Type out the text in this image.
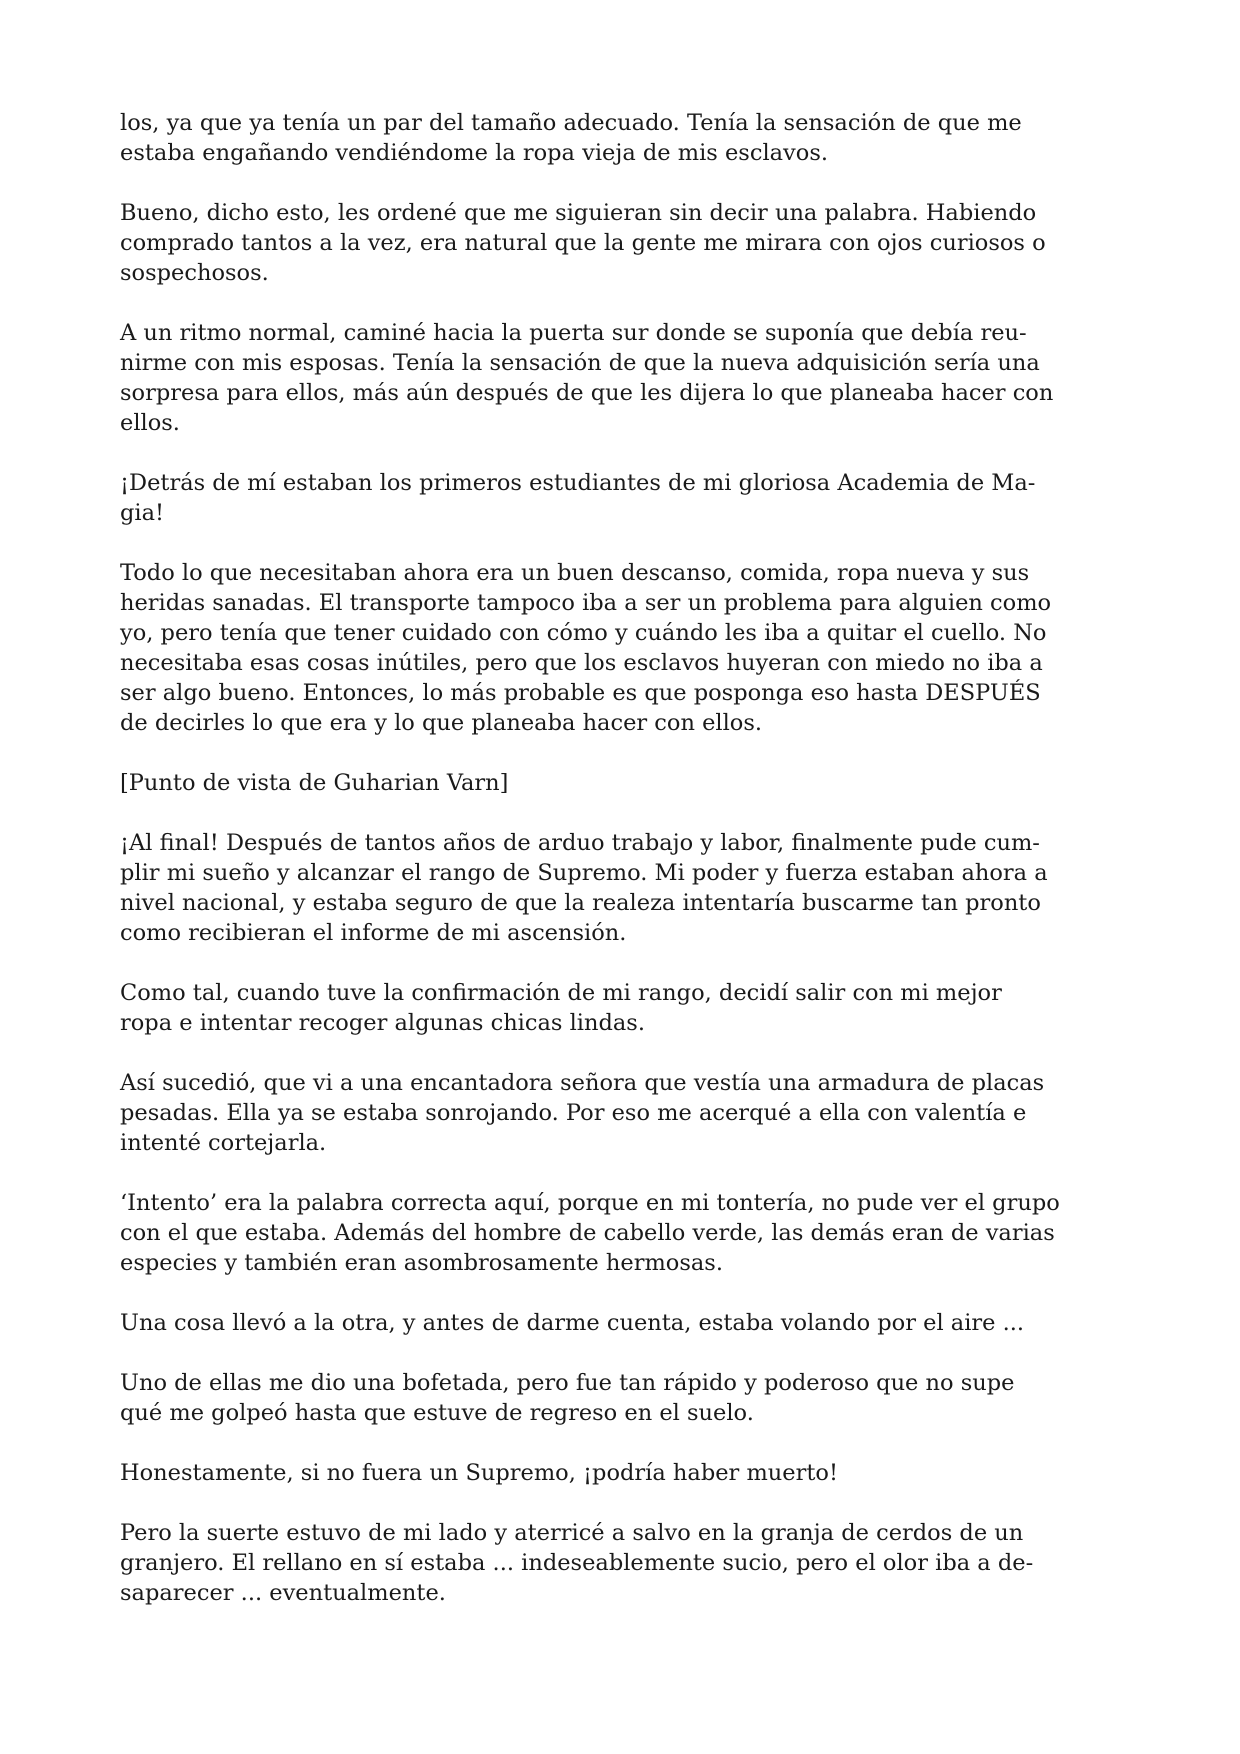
los, ya que ya tenía un par del tamaño adecuado. Tenía la sensación de que me
estaba engañando vendiéndome la ropa vieja de mis esclavos.

Bueno, dicho esto, les ordené que me siguieran sin decir una palabra. Habiendo
comprado tantos a la vez, era natural que la gente me mirara con ojos curiosos o
sospechosos.

A un ritmo normal, caminé hacia la puerta sur donde se suponía que debía reu-
nirme con mis esposas. Tenía la sensación de que la nueva adquisición sería una
sorpresa para ellos, más aún después de que les dijera lo que planeaba hacer con
ellos.

¡Detrás de mí estaban los primeros estudiantes de mi gloriosa Academia de Ma-
gia!

Todo lo que necesitaban ahora era un buen descanso, comida, ropa nueva y sus
heridas sanadas. El transporte tampoco iba a ser un problema para alguien como
yo, pero tenía que tener cuidado con cómo y cuándo les iba a quitar el cuello. No
necesitaba esas cosas inútiles, pero que los esclavos huyeran con miedo no iba a
ser algo bueno. Entonces, lo más probable es que posponga eso hasta DESPUÉS
de decirles lo que era y lo que planeaba hacer con ellos.

[Punto de vista de Guharian Varn]

¡Al final! Después de tantos años de arduo trabajo y labor, finalmente pude cum-
plir mi sueño y alcanzar el rango de Supremo. Mi poder y fuerza estaban ahora a
nivel nacional, y estaba seguro de que la realeza intentaría buscarme tan pronto
como recibieran el informe de mi ascensión.

Como tal, cuando tuve la confirmación de mi rango, decidí salir con mi mejor
ropa e intentar recoger algunas chicas lindas.

Así sucedió, que vi a una encantadora señora que vestía una armadura de placas
pesadas. Ella ya se estaba sonrojando. Por eso me acerqué a ella con valentía e
intenté cortejarla.

‘Intento’ era la palabra correcta aquí, porque en mi tontería, no pude ver el grupo
con el que estaba. Además del hombre de cabello verde, las demás eran de varias
especies y también eran asombrosamente hermosas.

Una cosa llevó a la otra, y antes de darme cuenta, estaba volando por el aire ...

Uno de ellas me dio una bofetada, pero fue tan rápido y poderoso que no supe
qué me golpeó hasta que estuve de regreso en el suelo.

Honestamente, si no fuera un Supremo, ¡podría haber muerto!

Pero la suerte estuvo de mi lado y aterricé a salvo en la granja de cerdos de un
granjero. El rellano en sí estaba ... indeseablemente sucio, pero el olor iba a de-
saparecer ... eventualmente.
